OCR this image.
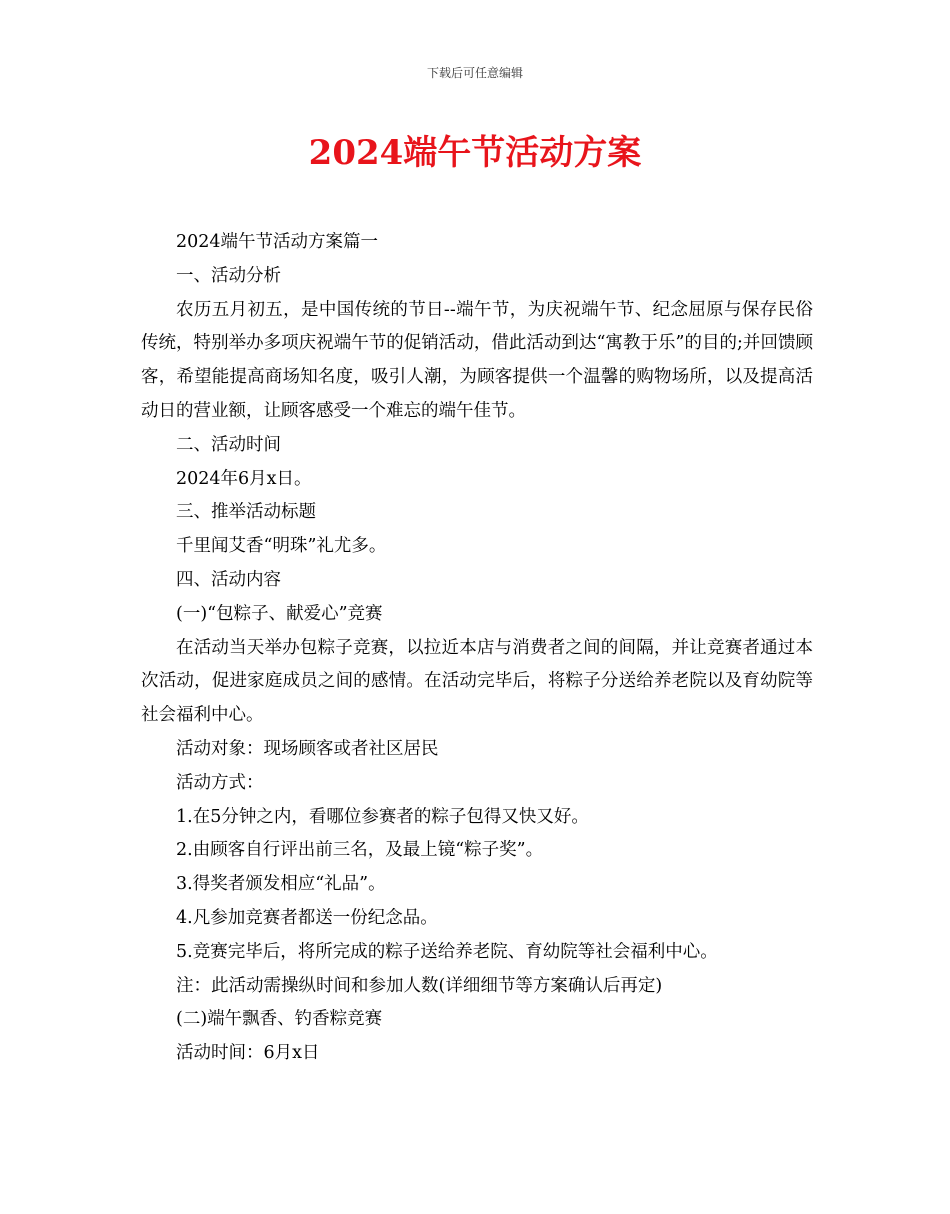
下载后可任意编辑
2024端午节活动方案

2024端午节活动方案篇一

一、活动分析

农历五月初五，是中国传统的节日--端午节，为庆祝端午节、纪念屈原与保存民俗传统，特别举办多项庆祝端午节的促销活动，借此活动到达“寓教于乐”的目的;并回馈顾客，希望能提高商场知名度，吸引人潮，为顾客提供一个温馨的购物场所，以及提高活动日的营业额，让顾客感受一个难忘的端午佳节。

二、活动时间

2024年6月x日。

三、推举活动标题

千里闻艾香“明珠”礼尤多。

四、活动内容

(一)“包粽子、献爱心”竞赛

在活动当天举办包粽子竞赛，以拉近本店与消费者之间的间隔，并让竞赛者通过本次活动，促进家庭成员之间的感情。在活动完毕后，将粽子分送给养老院以及育幼院等社会福利中心。

活动对象：现场顾客或者社区居民

活动方式：

1.在5分钟之内，看哪位参赛者的粽子包得又快又好。

2.由顾客自行评出前三名，及最上镜“粽子奖”。

3.得奖者颁发相应“礼品”。

4.凡参加竞赛者都送一份纪念品。

5.竞赛完毕后，将所完成的粽子送给养老院、育幼院等社会福利中心。

注：此活动需操纵时间和参加人数(详细细节等方案确认后再定)

(二)端午飘香、钓香粽竞赛

活动时间：6月x日
